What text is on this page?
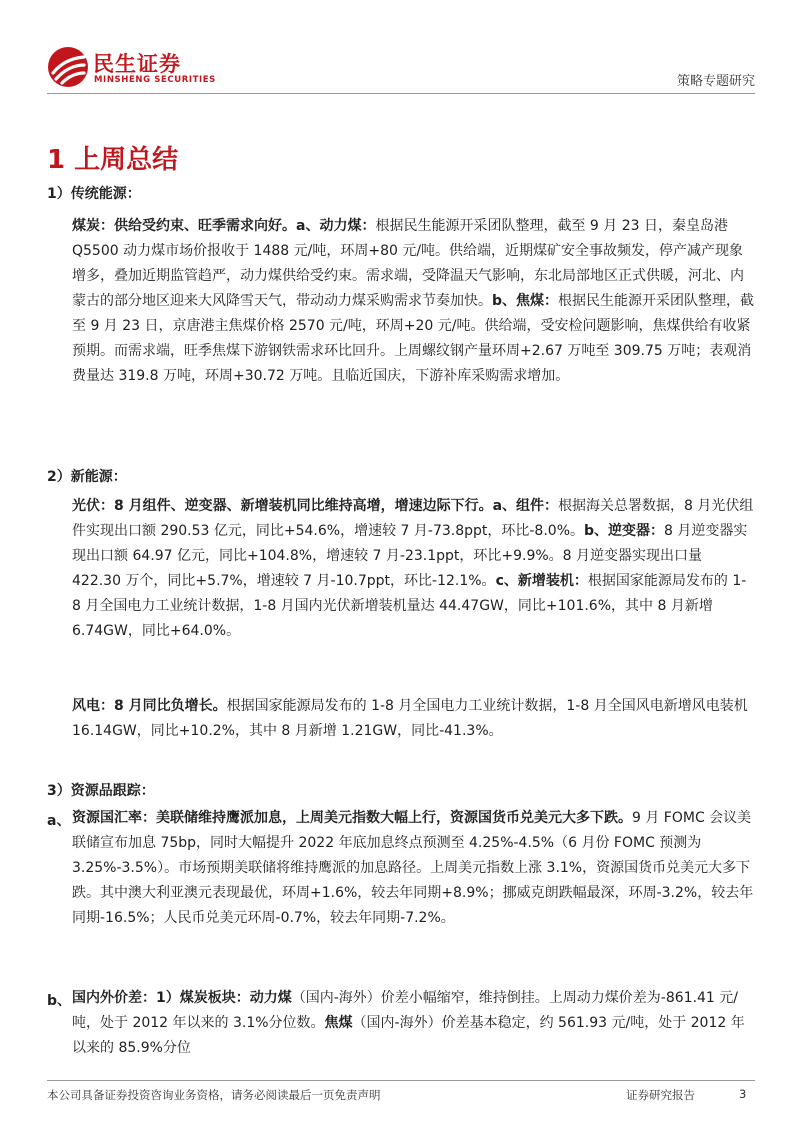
民生证券
MINSHENG SECURITIES	策略专题研究
1 上周总结
1）传统能源：
煤炭：供给受约束、旺季需求向好。a、动力煤：根据民生能源开采团队整理，截至 9 月 23 日，秦皇岛港 Q5500 动力煤市场价报收于 1488 元/吨，环周+80 元/吨。供给端，近期煤矿安全事故频发，停产减产现象增多，叠加近期监管趋严，动力煤供给受约束。需求端，受降温天气影响，东北局部地区正式供暖，河北、内蒙古的部分地区迎来大风降雪天气，带动动力煤采购需求节奏加快。b、焦煤：根据民生能源开采团队整理，截至 9 月 23 日，京唐港主焦煤价格 2570 元/吨，环周+20 元/吨。供给端，受安检问题影响，焦煤供给有收紧预期。而需求端，旺季焦煤下游钢铁需求环比回升。上周螺纹钢产量环周+2.67 万吨至 309.75 万吨；表观消费量达 319.8 万吨，环周+30.72 万吨。且临近国庆，下游补库采购需求增加。
2）新能源：
光伏：8 月组件、逆变器、新增装机同比维持高增，增速边际下行。a、组件：根据海关总署数据，8 月光伏组件实现出口额 290.53 亿元，同比+54.6%，增速较 7 月-73.8ppt，环比-8.0%。b、逆变器：8 月逆变器实现出口额 64.97 亿元，同比+104.8%，增速较 7 月-23.1ppt，环比+9.9%。8 月逆变器实现出口量 422.30 万个，同比+5.7%，增速较 7 月-10.7ppt，环比-12.1%。c、新增装机：根据国家能源局发布的 1-8 月全国电力工业统计数据，1-8 月国内光伏新增装机量达 44.47GW，同比+101.6%，其中 8 月新增 6.74GW，同比+64.0%。
风电：8 月同比负增长。根据国家能源局发布的 1-8 月全国电力工业统计数据，1-8 月全国风电新增风电装机 16.14GW，同比+10.2%，其中 8 月新增 1.21GW，同比-41.3%。
3）资源品跟踪：
a、 资源国汇率：美联储维持鹰派加息，上周美元指数大幅上行，资源国货币兑美元大多下跌。9 月 FOMC 会议美联储宣布加息 75bp，同时大幅提升 2022 年底加息终点预测至 4.25%-4.5%（6 月份 FOMC 预测为 3.25%-3.5%）。市场预期美联储将维持鹰派的加息路径。上周美元指数上涨 3.1%，资源国货币兑美元大多下跌。其中澳大利亚澳元表现最优，环周+1.6%，较去年同期+8.9%；挪威克朗跌幅最深，环周-3.2%，较去年同期-16.5%；人民币兑美元环周-0.7%，较去年同期-7.2%。
b、 国内外价差：1）煤炭板块：动力煤（国内-海外）价差小幅缩窄，维持倒挂。上周动力煤价差为-861.41 元/吨，处于 2012 年以来的 3.1%分位数。焦煤（国内-海外）价差基本稳定，约 561.93 元/吨，处于 2012 年以来的 85.9%分位
本公司具备证券投资咨询业务资格，请务必阅读最后一页免责声明	证券研究报告	3
